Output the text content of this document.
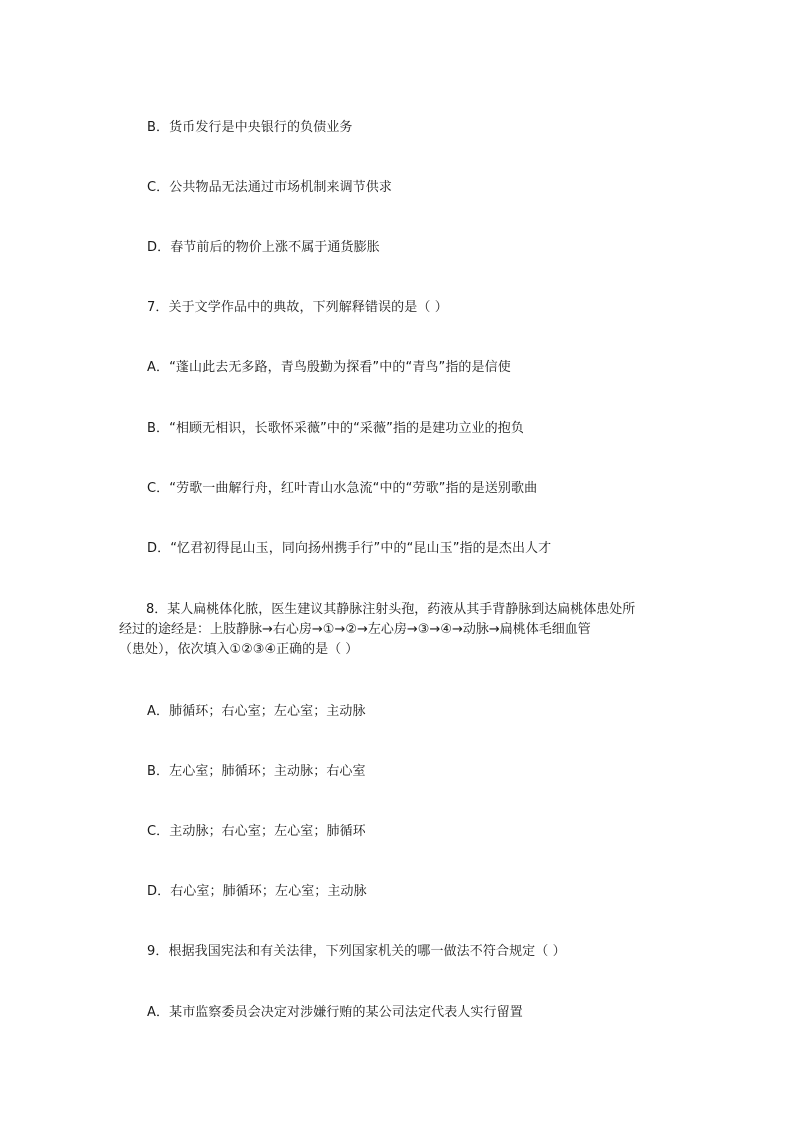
B．货币发行是中央银行的负债业务
C．公共物品无法通过市场机制来调节供求
D．春节前后的物价上涨不属于通货膨胀
7．关于文学作品中的典故，下列解释错误的是（ ）
A．“蓬山此去无多路，青鸟殷勤为探看”中的“青鸟”指的是信使
B．“相顾无相识，长歌怀采薇”中的“采薇”指的是建功立业的抱负
C．“劳歌一曲解行舟，红叶青山水急流“中的“劳歌”指的是送别歌曲
D．“忆君初得昆山玉，同向扬州携手行”中的“昆山玉”指的是杰出人才
8．某人扁桃体化脓，医生建议其静脉注射头孢，药液从其手背静脉到达扁桃体患处所
经过的途经是：上肢静脉→右心房→①→②→左心房→③→④→动脉→扁桃体毛细血管
（患处），依次填入①②③④正确的是（ ）
A．肺循环；右心室；左心室；主动脉
B．左心室；肺循环；主动脉；右心室
C．主动脉；右心室；左心室；肺循环
D．右心室；肺循环；左心室；主动脉
9．根据我国宪法和有关法律，下列国家机关的哪一做法不符合规定（ ）
A．某市监察委员会决定对涉嫌行贿的某公司法定代表人实行留置
